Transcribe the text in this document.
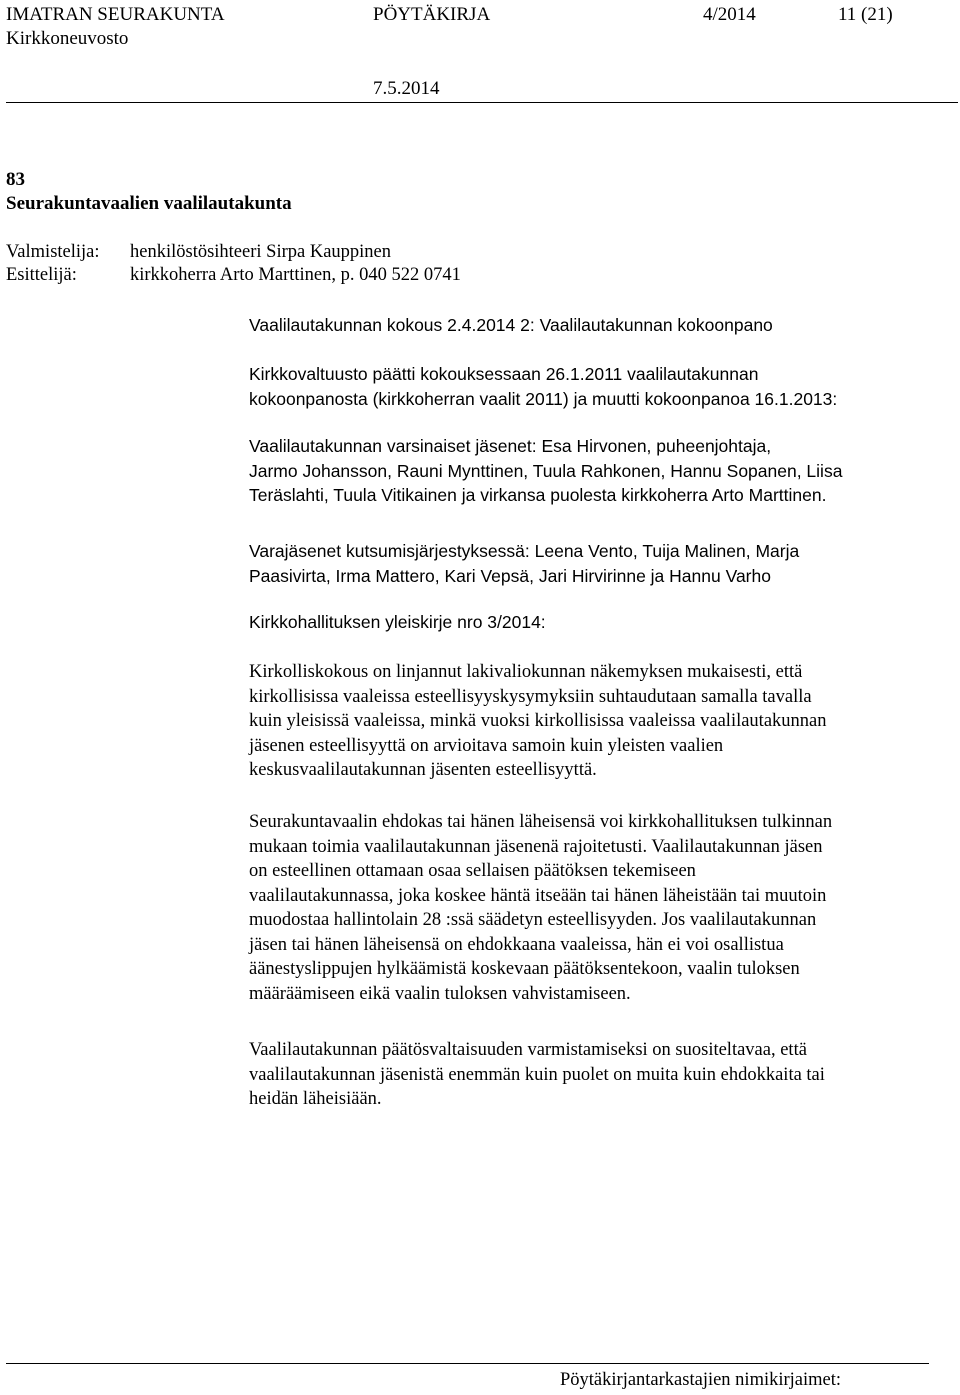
IMATRAN SEURAKUNTA
Kirkkoneuvosto
PÖYTÄKIRJA	4/2014	11 (21)
7.5.2014
83
Seurakuntavaalien vaalilautakunta
Valmistelija: henkilöstösihteeri Sirpa Kauppinen
Esittelijä:	kirkkoherra Arto Marttinen, p. 040 522 0741
Vaalilautakunnan kokous 2.4.2014 2: Vaalilautakunnan kokoonpano
Kirkkovaltuusto päätti kokouksessaan 26.1.2011 vaalilautakunnan
kokoonpanosta (kirkkoherran vaalit 2011) ja muutti kokoonpanoa 16.1.2013:
Vaalilautakunnan varsinaiset jäsenet: Esa Hirvonen, puheenjohtaja,
Jarmo Johansson, Rauni Mynttinen, Tuula Rahkonen, Hannu Sopanen, Liisa
Teräslahti, Tuula Vitikainen ja virkansa puolesta kirkkoherra Arto Marttinen.
Varajäsenet kutsumisjärjestyksessä: Leena Vento, Tuija Malinen, Marja
Paasivirta, Irma Mattero, Kari Vepsä, Jari Hirvirinne ja Hannu Varho
Kirkkohallituksen yleiskirje nro 3/2014:
Kirkolliskokous on linjannut lakivaliokunnan näkemyksen mukaisesti, että
kirkollisissa vaaleissa esteellisyyskysymyksiin suhtaudutaan samalla tavalla
kuin yleisissä vaaleissa, minkä vuoksi kirkollisissa vaaleissa vaalilautakunnan
jäsenen esteellisyyttä on arvioitava samoin kuin yleisten vaalien
keskusvaalilautakunnan jäsenten esteellisyyttä.
Seurakuntavaalin ehdokas tai hänen läheisensä voi kirkkohallituksen tulkinnan
mukaan toimia vaalilautakunnan jäsenenä rajoitetusti. Vaalilautakunnan jäsen
on esteellinen ottamaan osaa sellaisen päätöksen tekemiseen
vaalilautakunnassa, joka koskee häntä itseään tai hänen läheistään tai muutoin
muodostaa hallintolain 28 :ssä säädetyn esteellisyyden. Jos vaalilautakunnan
jäsen tai hänen läheisensä on ehdokkaana vaaleissa, hän ei voi osallistua
äänestyslippujen hylkäämistä koskevaan päätöksentekoon, vaalin tuloksen
määräämiseen eikä vaalin tuloksen vahvistamiseen.
Vaalilautakunnan päätösvaltaisuuden varmistamiseksi on suositeltavaa, että
vaalilautakunnan jäsenistä enemmän kuin puolet on muita kuin ehdokkaita tai
heidän läheisiään.
Pöytäkirjantarkastajien nimikirjaimet:
